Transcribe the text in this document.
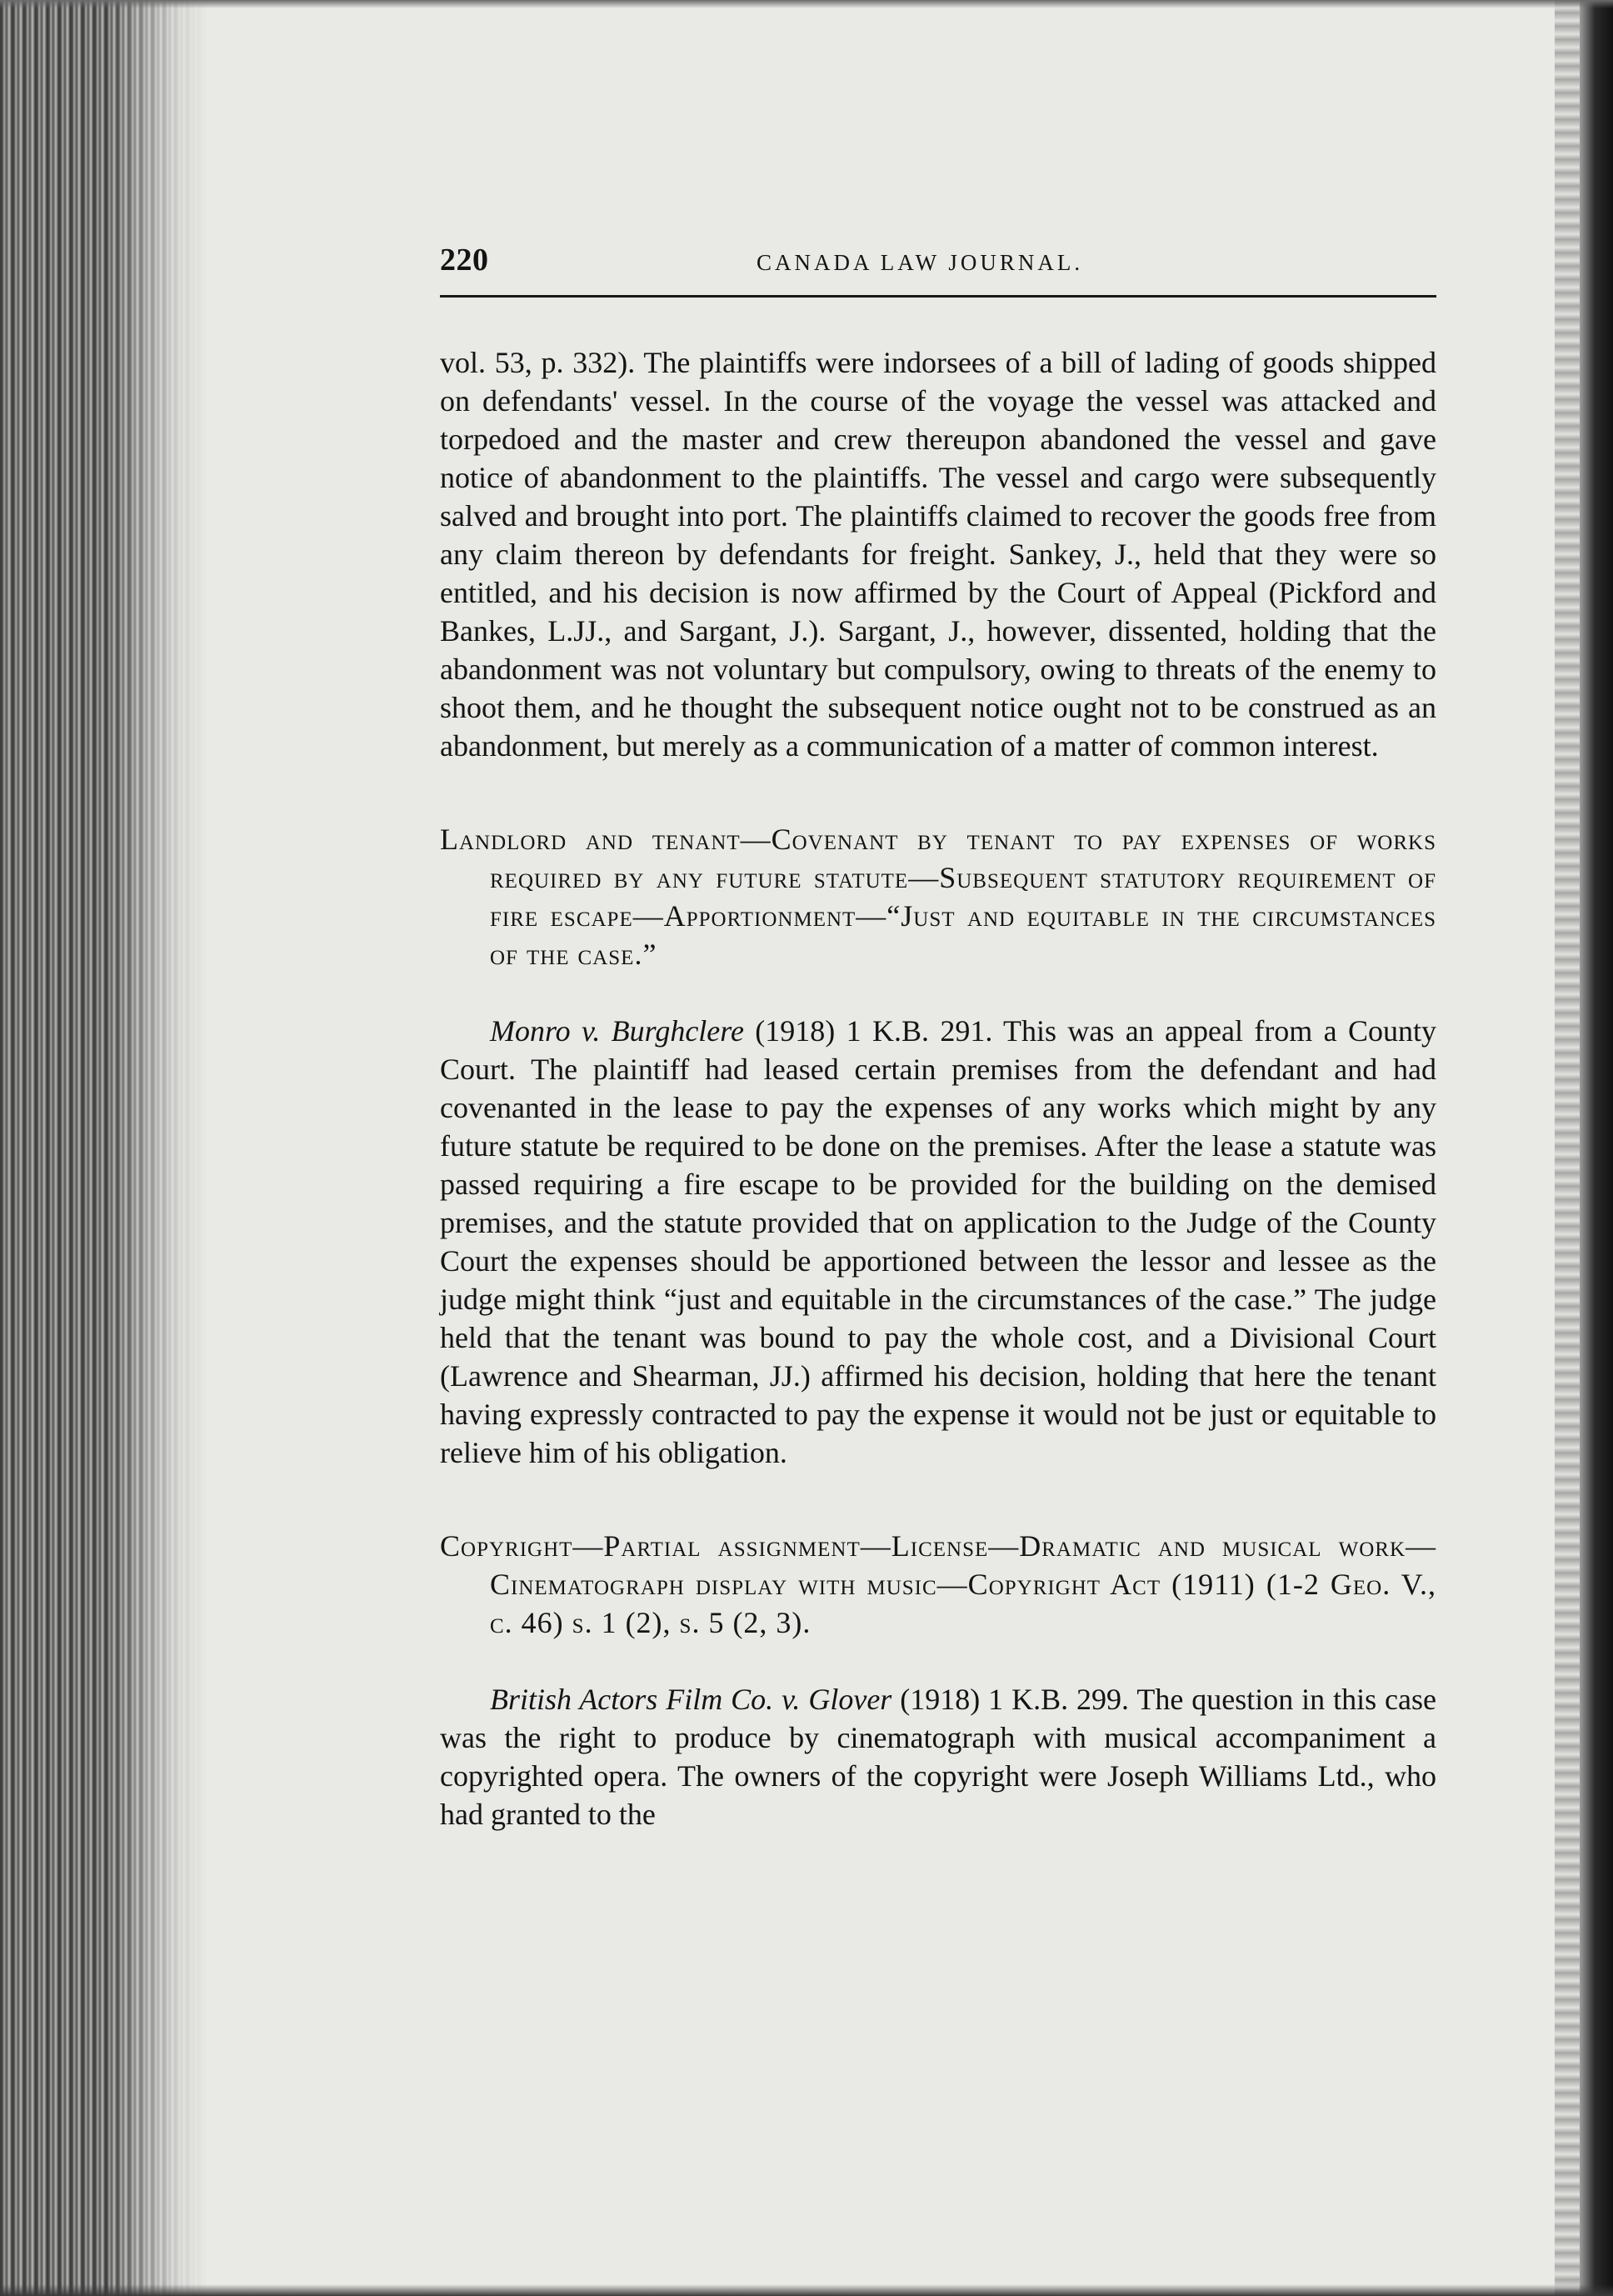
220	CANADA LAW JOURNAL.

vol. 53, p. 332). The plaintiffs were indorsees of a bill of lading of goods shipped on defendants' vessel. In the course of the voyage the vessel was attacked and torpedoed and the master and crew thereupon abandoned the vessel and gave notice of abandonment to the plaintiffs. The vessel and cargo were subsequently salved and brought into port. The plaintiffs claimed to recover the goods free from any claim thereon by defendants for freight. Sankey, J., held that they were so entitled, and his decision is now affirmed by the Court of Appeal (Pickford and Bankes, L.JJ., and Sargant, J.). Sargant, J., however, dissented, holding that the abandonment was not voluntary but compulsory, owing to threats of the enemy to shoot them, and he thought the subsequent notice ought not to be construed as an abandonment, but merely as a communication of a matter of common interest.

Landlord and tenant—Covenant by tenant to pay expenses of works required by any future statute—Subsequent statutory requirement of fire escape—Apportionment—“Just and equitable in the circumstances of the case.”

Monro v. Burghclere (1918) 1 K.B. 291. This was an appeal from a County Court. The plaintiff had leased certain premises from the defendant and had covenanted in the lease to pay the expenses of any works which might by any future statute be required to be done on the premises. After the lease a statute was passed requiring a fire escape to be provided for the building on the demised premises, and the statute provided that on application to the Judge of the County Court the expenses should be apportioned between the lessor and lessee as the judge might think “just and equitable in the circumstances of the case.” The judge held that the tenant was bound to pay the whole cost, and a Divisional Court (Lawrence and Shearman, JJ.) affirmed his decision, holding that here the tenant having expressly contracted to pay the expense it would not be just or equitable to relieve him of his obligation.

Copyright—Partial assignment—License—Dramatic and musical work—Cinematograph display with music—Copyright Act (1911) (1-2 Geo. V., c. 46) s. 1 (2), s. 5 (2, 3).

British Actors Film Co. v. Glover (1918) 1 K.B. 299. The question in this case was the right to produce by cinematograph with musical accompaniment a copyrighted opera. The owners of the copyright were Joseph Williams Ltd., who had granted to the
